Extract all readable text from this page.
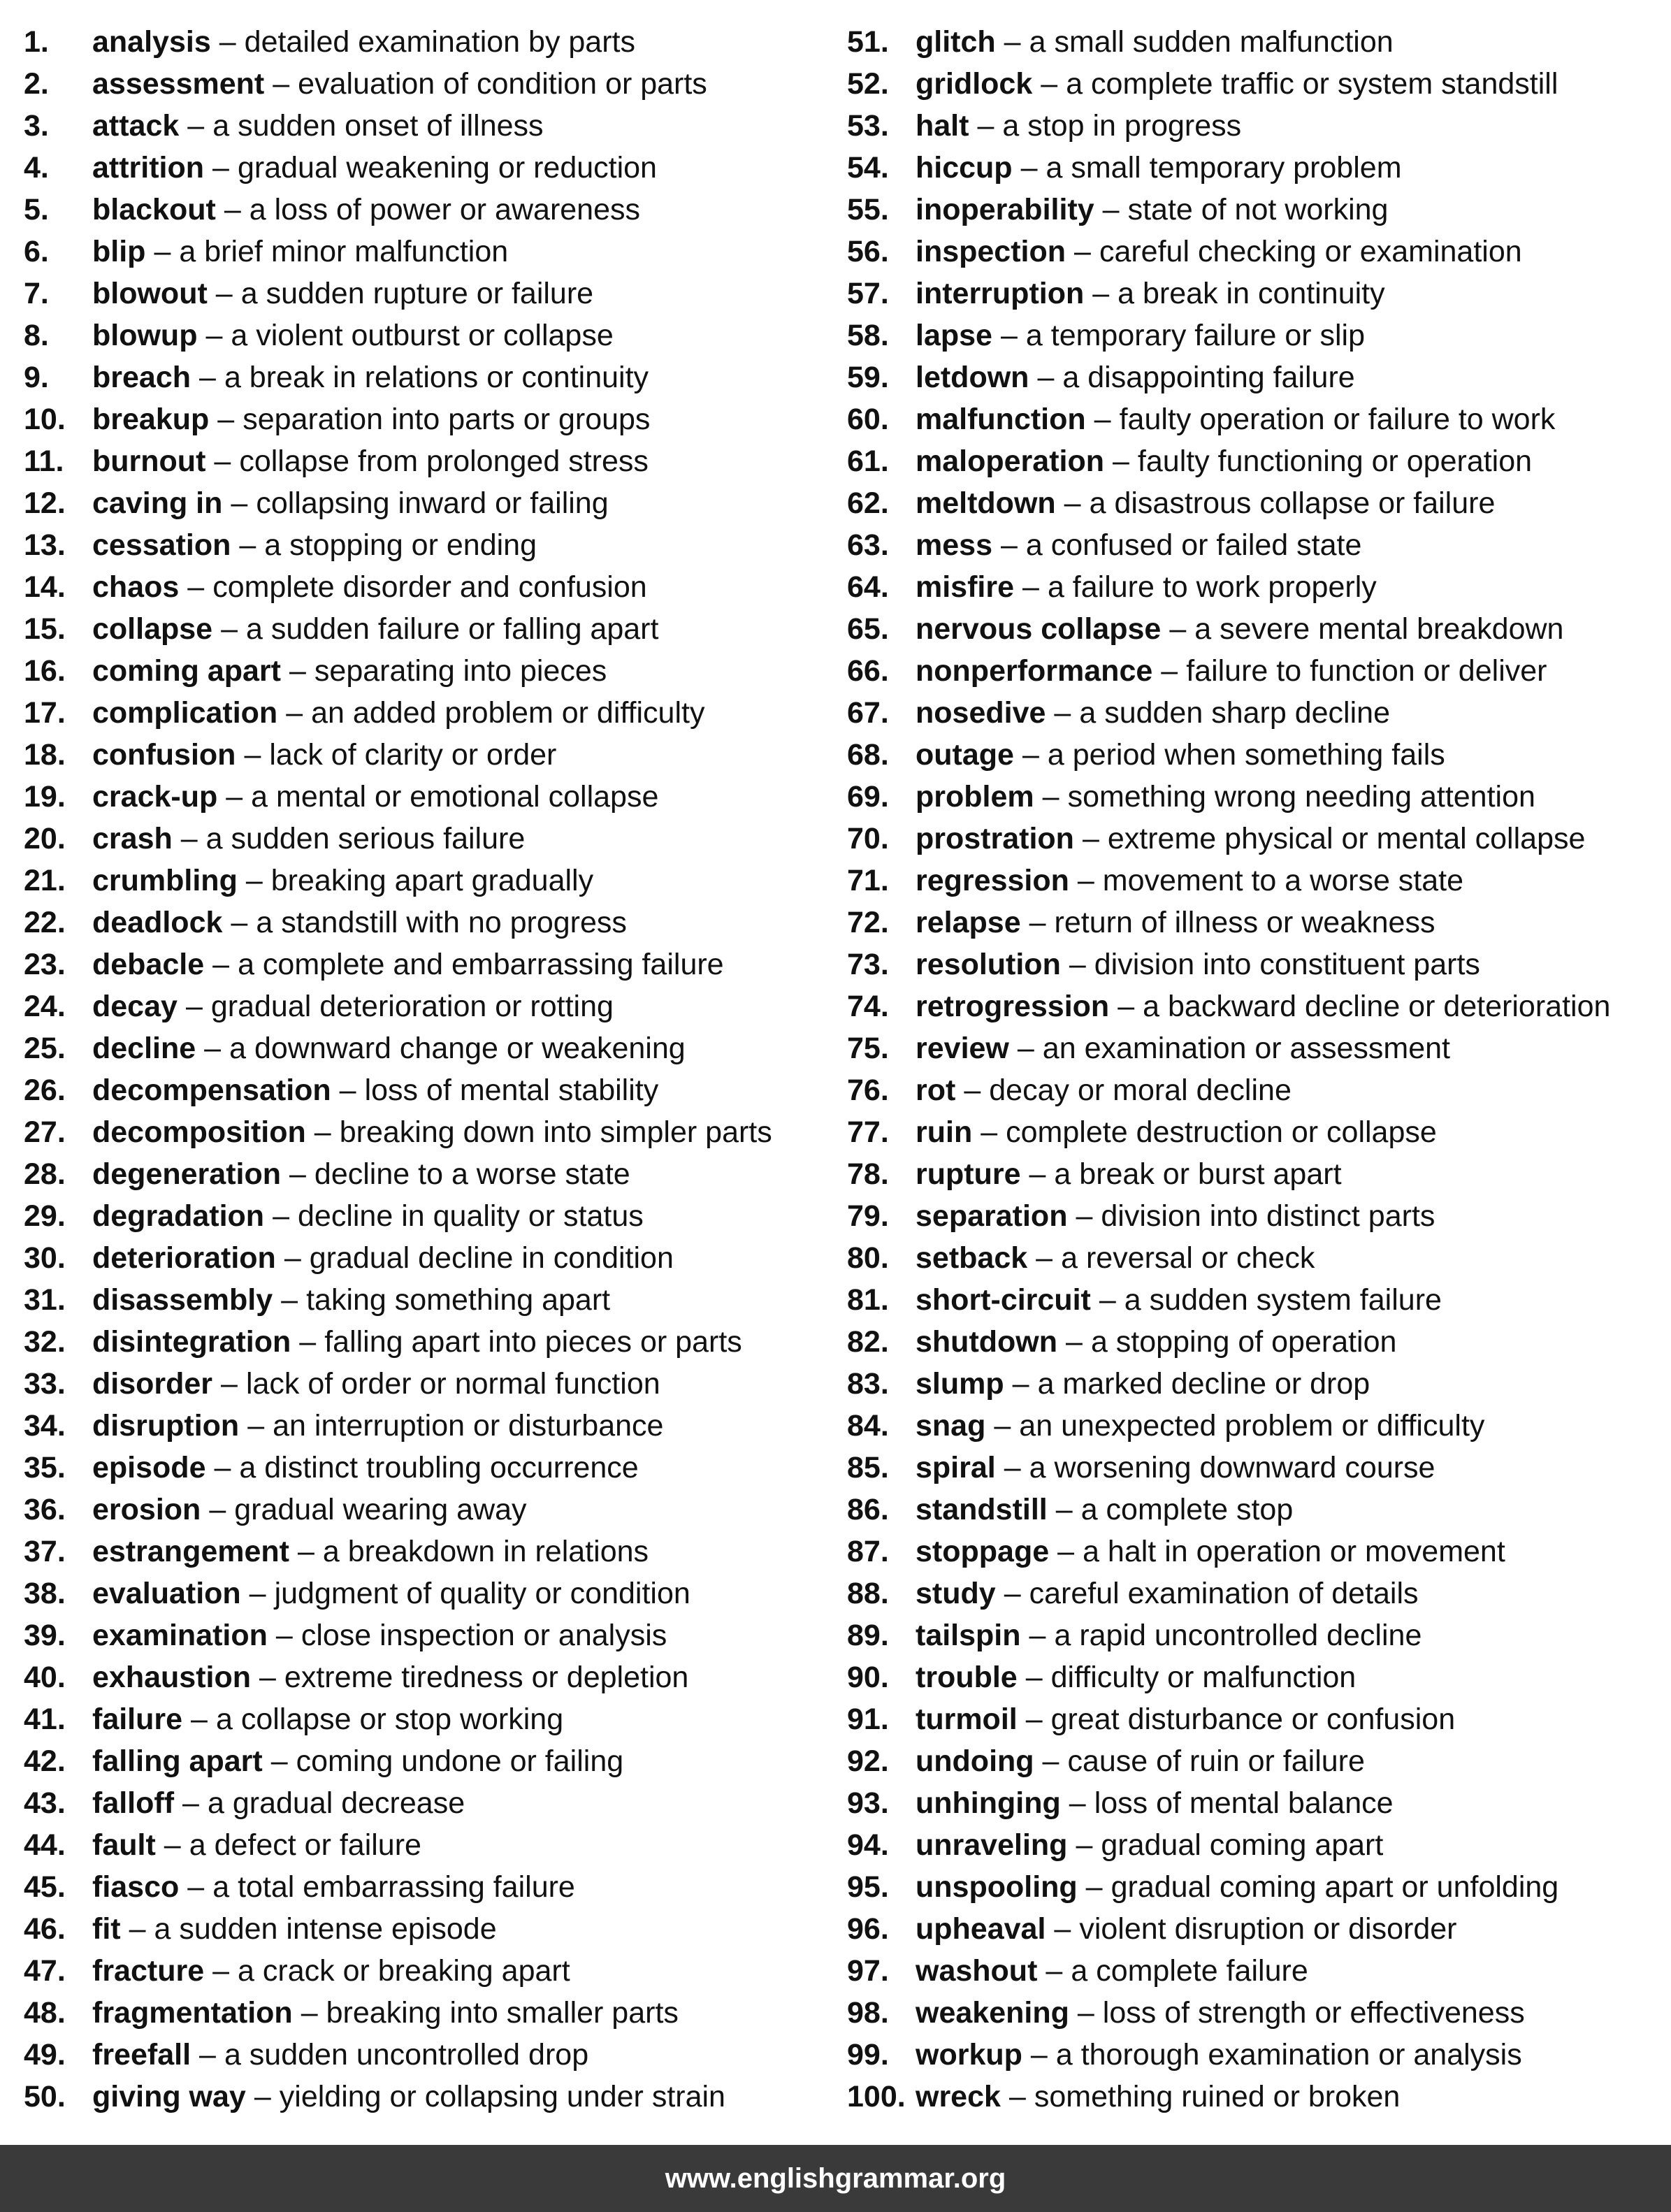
1.	analysis – detailed examination by parts
2.	assessment – evaluation of condition or parts
3.	attack – a sudden onset of illness
4.	attrition – gradual weakening or reduction
5.	blackout – a loss of power or awareness
6.	blip – a brief minor malfunction
7.	blowout – a sudden rupture or failure
8.	blowup – a violent outburst or collapse
9.	breach – a break in relations or continuity
10. breakup – separation into parts or groups
11. burnout – collapse from prolonged stress
12. caving in – collapsing inward or failing
13. cessation – a stopping or ending
14. chaos – complete disorder and confusion
15. collapse – a sudden failure or falling apart
16. coming apart – separating into pieces
17. complication – an added problem or difficulty
18. confusion – lack of clarity or order
19. crack-up – a mental or emotional collapse
20. crash – a sudden serious failure
21. crumbling – breaking apart gradually
22. deadlock – a standstill with no progress
23. debacle – a complete and embarrassing failure
24. decay – gradual deterioration or rotting
25. decline – a downward change or weakening
26. decompensation – loss of mental stability
27. decomposition – breaking down into simpler parts
28. degeneration – decline to a worse state
29. degradation – decline in quality or status
30. deterioration – gradual decline in condition
31. disassembly – taking something apart
32. disintegration – falling apart into pieces or parts
33. disorder – lack of order or normal function
34. disruption – an interruption or disturbance
35. episode – a distinct troubling occurrence
36. erosion – gradual wearing away
37. estrangement – a breakdown in relations
38. evaluation – judgment of quality or condition
39. examination – close inspection or analysis
40. exhaustion – extreme tiredness or depletion
41. failure – a collapse or stop working
42. falling apart – coming undone or failing
43. falloff – a gradual decrease
44. fault – a defect or failure
45. fiasco – a total embarrassing failure
46. fit – a sudden intense episode
47. fracture – a crack or breaking apart
48. fragmentation – breaking into smaller parts
49. freefall – a sudden uncontrolled drop
50. giving way – yielding or collapsing under strain
51. glitch – a small sudden malfunction
52. gridlock – a complete traffic or system standstill
53. halt – a stop in progress
54. hiccup – a small temporary problem
55. inoperability – state of not working
56. inspection – careful checking or examination
57. interruption – a break in continuity
58. lapse – a temporary failure or slip
59. letdown – a disappointing failure
60. malfunction – faulty operation or failure to work
61. maloperation – faulty functioning or operation
62. meltdown – a disastrous collapse or failure
63. mess – a confused or failed state
64. misfire – a failure to work properly
65. nervous collapse – a severe mental breakdown
66. nonperformance – failure to function or deliver
67. nosedive – a sudden sharp decline
68. outage – a period when something fails
69. problem – something wrong needing attention
70. prostration – extreme physical or mental collapse
71. regression – movement to a worse state
72. relapse – return of illness or weakness
73. resolution – division into constituent parts
74. retrogression – a backward decline or deterioration
75. review – an examination or assessment
76. rot – decay or moral decline
77. ruin – complete destruction or collapse
78. rupture – a break or burst apart
79. separation – division into distinct parts
80. setback – a reversal or check
81. short-circuit – a sudden system failure
82. shutdown – a stopping of operation
83. slump – a marked decline or drop
84. snag – an unexpected problem or difficulty
85. spiral – a worsening downward course
86. standstill – a complete stop
87. stoppage – a halt in operation or movement
88. study – careful examination of details
89. tailspin – a rapid uncontrolled decline
90. trouble – difficulty or malfunction
91. turmoil – great disturbance or confusion
92. undoing – cause of ruin or failure
93. unhinging – loss of mental balance
94. unraveling – gradual coming apart
95. unspooling – gradual coming apart or unfolding
96. upheaval – violent disruption or disorder
97. washout – a complete failure
98. weakening – loss of strength or effectiveness
99. workup – a thorough examination or analysis
100. wreck – something ruined or broken
www.englishgrammar.org
